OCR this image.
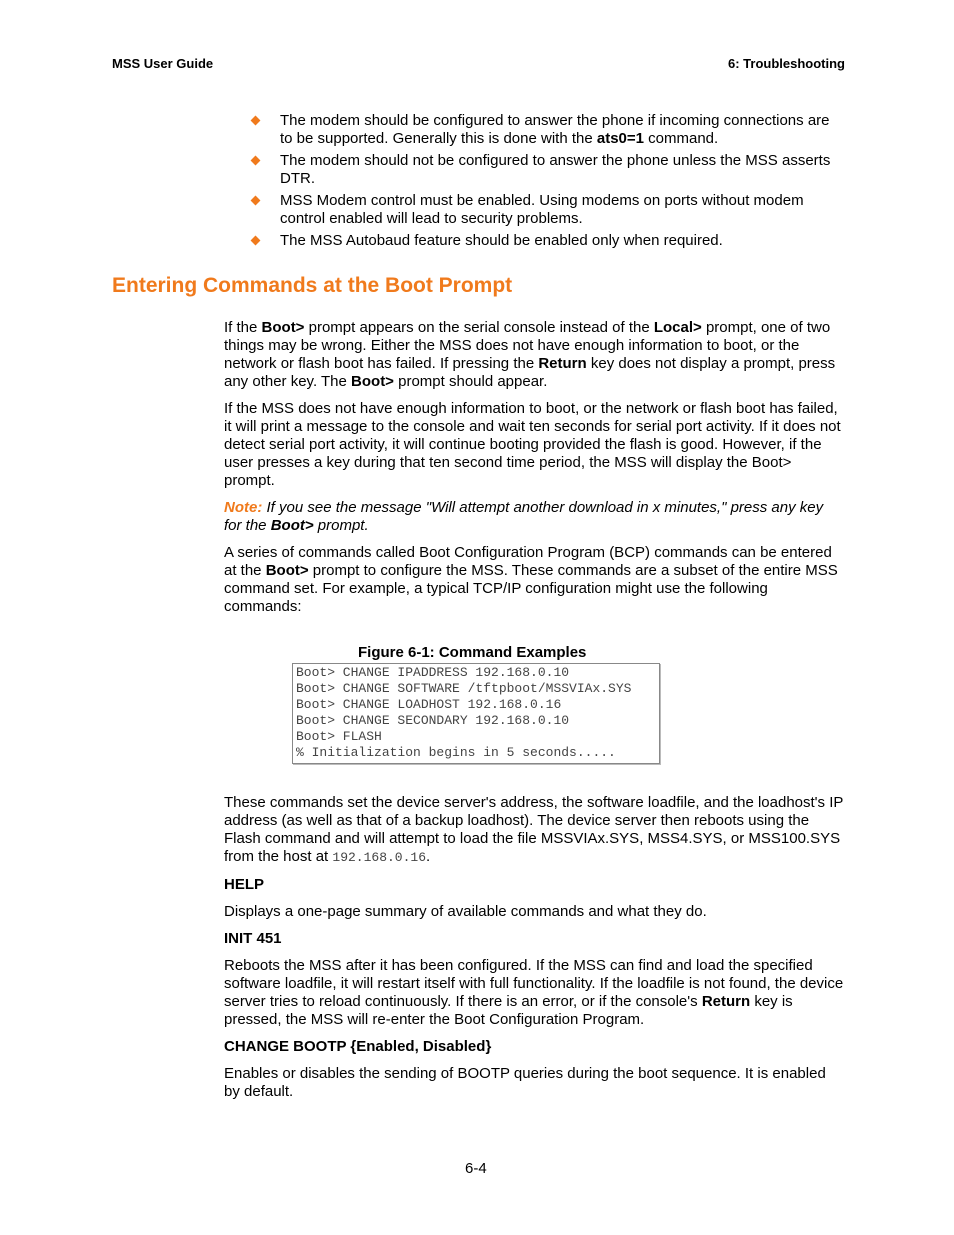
MSS User Guide	6: Troubleshooting
The modem should be configured to answer the phone if incoming connections are to be supported. Generally this is done with the ats0=1 command.
The modem should not be configured to answer the phone unless the MSS asserts DTR.
MSS Modem control must be enabled. Using modems on ports without modem control enabled will lead to security problems.
The MSS Autobaud feature should be enabled only when required.
Entering Commands at the Boot Prompt

If the Boot> prompt appears on the serial console instead of the Local> prompt, one of two things may be wrong. Either the MSS does not have enough information to boot, or the network or flash boot has failed. If pressing the Return key does not display a prompt, press any other key. The Boot> prompt should appear.

If the MSS does not have enough information to boot, or the network or flash boot has failed, it will print a message to the console and wait ten seconds for serial port activity. If it does not detect serial port activity, it will continue booting provided the flash is good. However, if the user presses a key during that ten second time period, the MSS will display the Boot> prompt.

Note: If you see the message "Will attempt another download in x minutes," press any key for the Boot> prompt.

A series of commands called Boot Configuration Program (BCP) commands can be entered at the Boot> prompt to configure the MSS. These commands are a subset of the entire MSS command set. For example, a typical TCP/IP configuration might use the following commands:

Figure 6-1: Command Examples
Boot> CHANGE IPADDRESS 192.168.0.10
Boot> CHANGE SOFTWARE /tftpboot/MSSVIAx.SYS
Boot> CHANGE LOADHOST 192.168.0.16
Boot> CHANGE SECONDARY 192.168.0.10
Boot> FLASH
% Initialization begins in 5 seconds.....

These commands set the device server's address, the software loadfile, and the loadhost's IP address (as well as that of a backup loadhost). The device server then reboots using the Flash command and will attempt to load the file MSSVIAx.SYS, MSS4.SYS, or MSS100.SYS from the host at 192.168.0.16.

HELP

Displays a one-page summary of available commands and what they do.

INIT 451

Reboots the MSS after it has been configured. If the MSS can find and load the specified software loadfile, it will restart itself with full functionality. If the loadfile is not found, the device server tries to reload continuously. If there is an error, or if the console's Return key is pressed, the MSS will re-enter the Boot Configuration Program.

CHANGE BOOTP {Enabled, Disabled}

Enables or disables the sending of BOOTP queries during the boot sequence. It is enabled by default.

6-4
